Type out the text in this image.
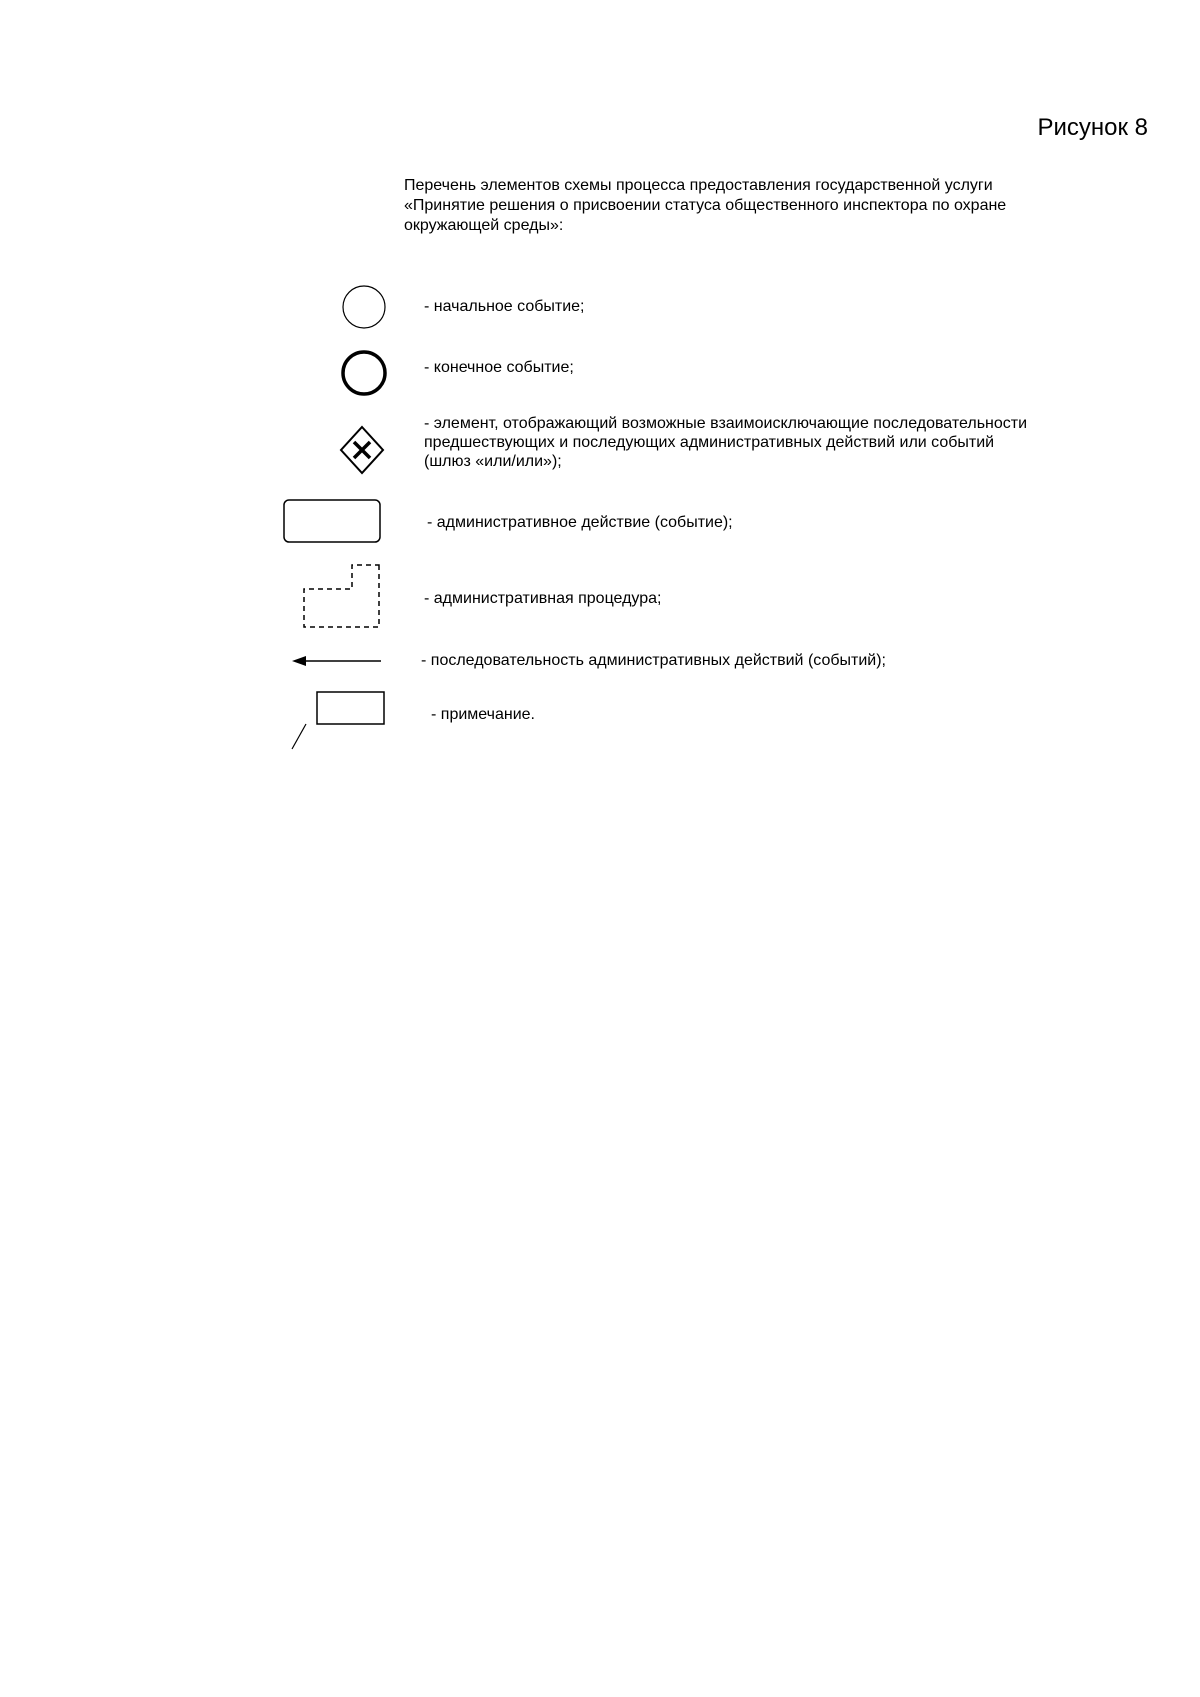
Рисунок 8
Перечень элементов схемы процесса предоставления государственной услуги
«Принятие решения о присвоении статуса общественного инспектора по охране
окружающей среды»:
- начальное событие;
- конечное событие;
- элемент, отображающий возможные взаимоисключающие последовательности
предшествующих и последующих административных действий или событий
(шлюз «или/или»);
- административное действие (событие);
- административная процедура;
- последовательность административных действий (событий);
- примечание.
